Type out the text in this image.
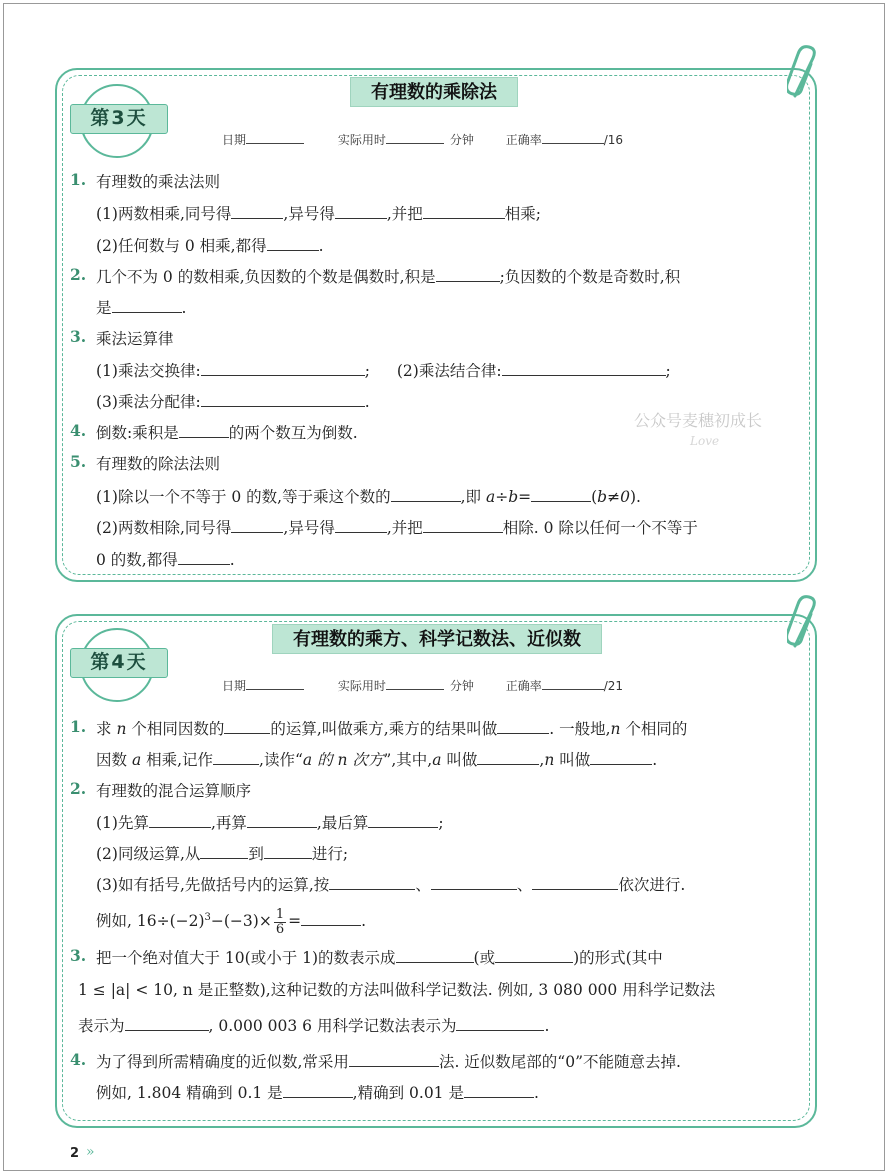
有理数的乘除法
第3天
日期	实际用时	分钟	正确率	/16
1. 有理数的乘法法则
(1)两数相乘,同号得	,异号得	,并把	相乘;
(2)任何数与 0 相乘,都得	.
2. 几个不为 0 的数相乘,负因数的个数是偶数时,积是	;负因数的个数是奇数时,积
是	.
3. 乘法运算律
(1)乘法交换律:	; (2)乘法结合律:	;
(3)乘法分配律:	.
4. 倒数:乘积是	的两个数互为倒数.
5. 有理数的除法法则
(1)除以一个不等于 0 的数,等于乘这个数的	,即 a÷b=	(b≠0).
(2)两数相除,同号得	,异号得	,并把	相除. 0 除以任何一个不等于
0 的数,都得	.
公众号麦穗初成长
Love
有理数的乘方、科学记数法、近似数
第4天
日期	实际用时	分钟	正确率	/21
1. 求 n 个相同因数的	的运算,叫做乘方,乘方的结果叫做	. 一般地,n 个相同的
因数 a 相乘,记作	,读作“a 的 n 次方”,其中,a 叫做	,n 叫做	.
2. 有理数的混合运算顺序
(1)先算	,再算	,最后算	;
(2)同级运算,从	到	进行;
(3)如有括号,先做括号内的运算,按	、	、	依次进行.
例如, $16\div(-2)^3-(-3)\times \frac{1}{6}$ =	.
3. 把一个绝对值大于 10(或小于 1)的数表示成	(或	)的形式(其中
1 ≤ |a| < 10, n 是正整数),这种记数的方法叫做科学记数法. 例如, 3 080 000 用科学记数法
表示为	, 0.000 003 6 用科学记数法表示为	.
4. 为了得到所需精确度的近似数,常采用	法. 近似数尾部的“0”不能随意去掉.
例如, 1.804 精确到 0.1 是	,精确到 0.01 是	.
2 »
